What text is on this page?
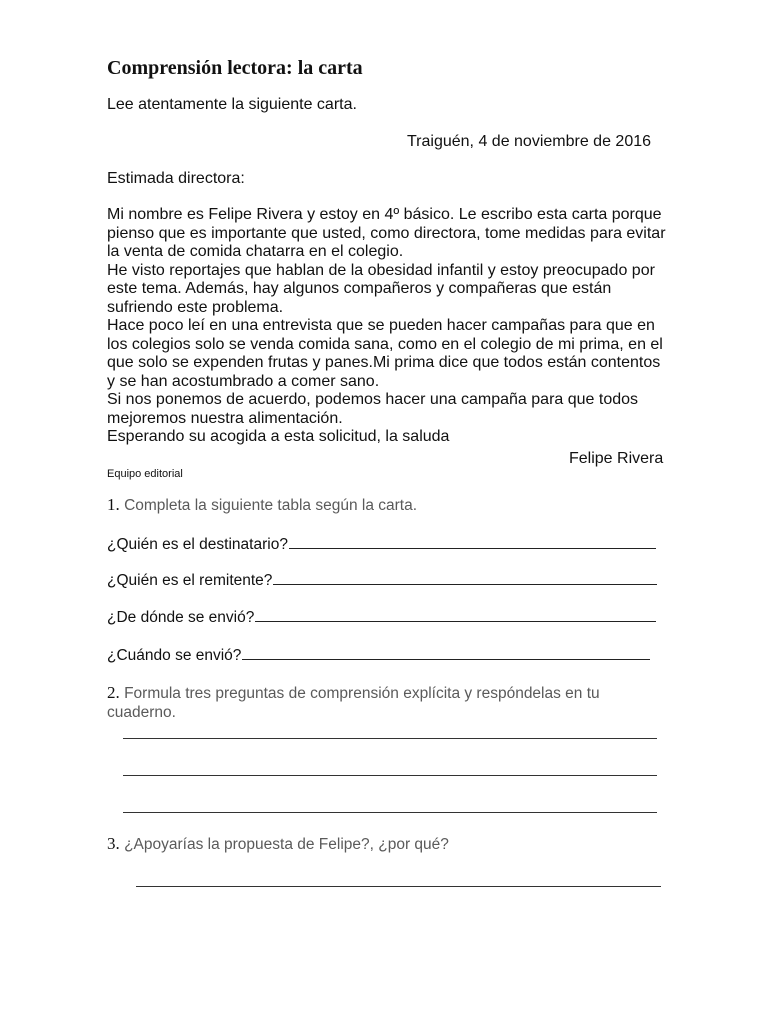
Comprensión lectora: la carta
Lee atentamente la siguiente carta.
Traiguén, 4 de noviembre de 2016
Estimada directora:
Mi nombre es Felipe Rivera y estoy en 4º básico. Le escribo esta carta porque
pienso que es importante que usted, como directora, tome medidas para evitar
la venta de comida chatarra en el colegio.
He visto reportajes que hablan de la obesidad infantil y estoy preocupado por
este tema. Además, hay algunos compañeros y compañeras que están
sufriendo este problema.
Hace poco leí en una entrevista que se pueden hacer campañas para que en
los colegios solo se venda comida sana, como en el colegio de mi prima, en el
que solo se expenden frutas y panes.Mi prima dice que todos están contentos
y se han acostumbrado a comer sano.
Si nos ponemos de acuerdo, podemos hacer una campaña para que todos
mejoremos nuestra alimentación.
Esperando su acogida a esta solicitud, la saluda
Felipe Rivera
Equipo editorial
1. Completa la siguiente tabla según la carta.
¿Quién es el destinatario?
¿Quién es el remitente?
¿De dónde se envió?
¿Cuándo se envió?
2. Formula tres preguntas de comprensión explícita y respóndelas en tu
cuaderno.
3. ¿Apoyarías la propuesta de Felipe?, ¿por qué?
